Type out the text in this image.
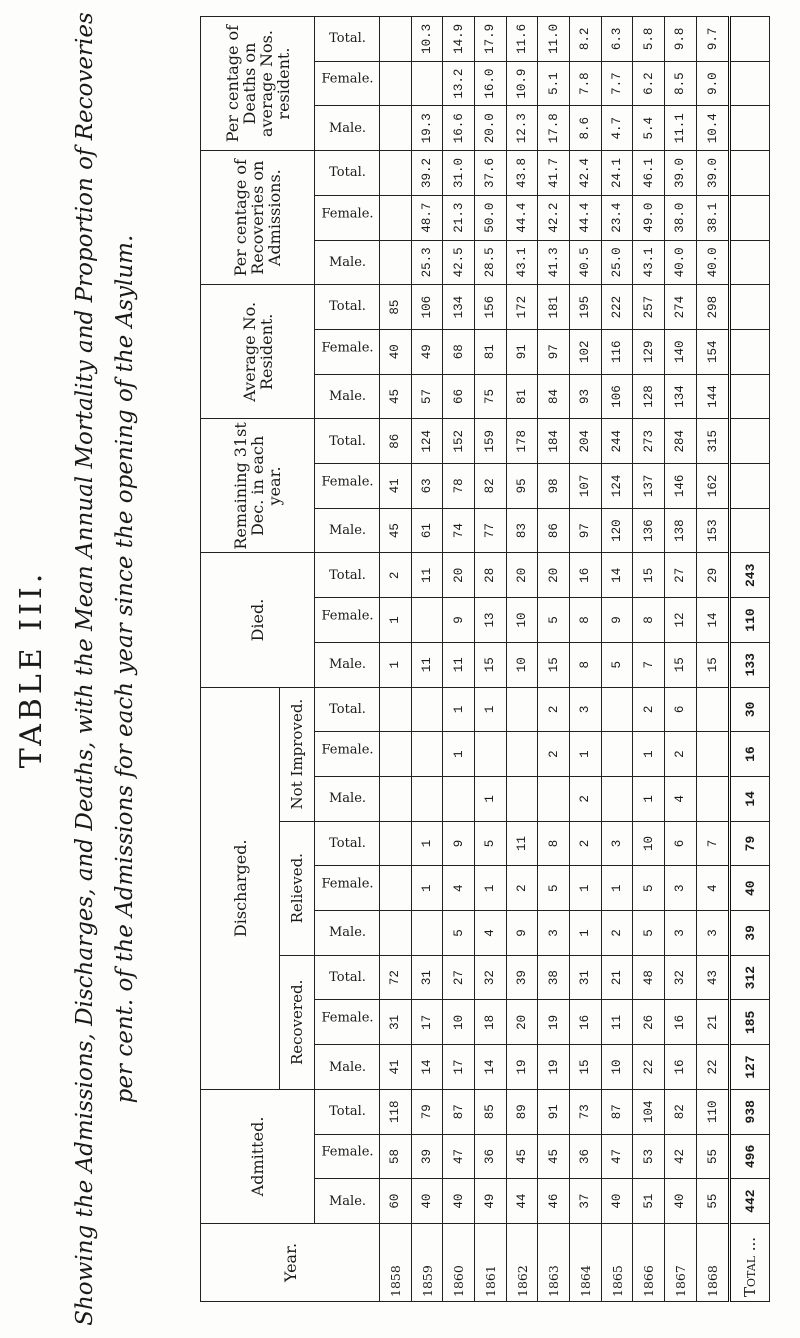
TABLE III. Showing the Admissions, Discharges, and Deaths, with the Mean Annual Mortality and Proportion of Recoveries per cent. of the Admissions for each year since the opening of the Asylum.
Year.	Admitted.			Discharged.									Died.			Remaining 31st Dec. in each year.			Average No. Resident.			Per centage of Recoveries on Admissions.			Per centage of Deaths on average Nos. resident.		
				Recovered.			Relieved.			Not Improved.																	
	Male.	Female.	Total.	Male.	Female.	Total.	Male.	Female.	Total.	Male.	Female.	Total.	Male.	Female.	Total.	Male.	Female.	Total.	Male.	Female.	Total.	Male.	Female.	Total.	Male.	Female.	Total.
1858	60	58	118	41	31	72							1	1	2	45	41	86	45	40	85						
1859	40	39	79	14	17	31		1	1				11		11	61	63	124	57	49	106	25.3	48.7	39.2	19.3		10.3
1860	40	47	87	17	10	27	5	4	9		1	1	11	9	20	74	78	152	66	68	134	42.5	21.3	31.0	16.6	13.2	14.9
1861	49	36	85	14	18	32	4	1	5	1		1	15	13	28	77	82	159	75	81	156	28.5	50.0	37.6	20.0	16.0	17.9
1862	44	45	89	19	20	39	9	2	11				10	10	20	83	95	178	81	91	172	43.1	44.4	43.8	12.3	10.9	11.6
1863	46	45	91	19	19	38	3	5	8		2	2	15	5	20	86	98	184	84	97	181	41.3	42.2	41.7	17.8	5.1	11.0
1864	37	36	73	15	16	31	1	1	2	2	1	3	8	8	16	97	107	204	93	102	195	40.5	44.4	42.4	8.6	7.8	8.2
1865	40	47	87	10	11	21	2	1	3				5	9	14	120	124	244	106	116	222	25.0	23.4	24.1	4.7	7.7	6.3
1866	51	53	104	22	26	48	5	5	10	1	1	2	7	8	15	136	137	273	128	129	257	43.1	49.0	46.1	5.4	6.2	5.8
1867	40	42	82	16	16	32	3	3	6	4	2	6	15	12	27	138	146	284	134	140	274	40.0	38.0	39.0	11.1	8.5	9.8
1868	55	55	110	22	21	43	3	4	7				15	14	29	153	162	315	144	154	298	40.0	38.1	39.0	10.4	9.0	9.7
Total ...	442	496	938	127	185	312	39	40	79	14	16	30	133	110	243												
